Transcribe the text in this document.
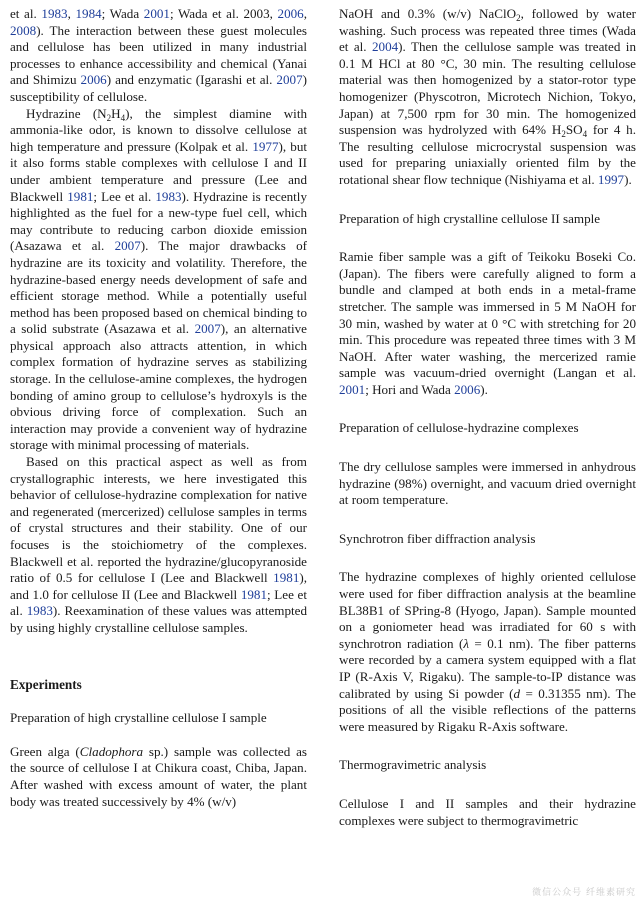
et al. 1983, 1984; Wada 2001; Wada et al. 2003, 2006, 2008). The interaction between these guest molecules and cellulose has been utilized in many industrial processes to enhance accessibility and chemical (Yanai and Shimizu 2006) and enzymatic (Igarashi et al. 2007) susceptibility of cellulose.

Hydrazine $(N_2H_4)$, the simplest diamine with ammonia-like odor, is known to dissolve cellulose at high temperature and pressure (Kolpak et al. 1977), but it also forms stable complexes with cellulose I and II under ambient temperature and pressure (Lee and Blackwell 1981; Lee et al. 1983). Hydrazine is recently highlighted as the fuel for a new-type fuel cell, which may contribute to reducing carbon dioxide emission (Asazawa et al. 2007). The major drawbacks of hydrazine are its toxicity and volatility. Therefore, the hydrazine-based energy needs development of safe and efficient storage method. While a potentially useful method has been proposed based on chemical binding to a solid substrate (Asazawa et al. 2007), an alternative physical approach also attracts attention, in which complex formation of hydrazine serves as stabilizing storage. In the cellulose-amine complexes, the hydrogen bonding of amino group to cellulose’s hydroxyls is the obvious driving force of complexation. Such an interaction may provide a convenient way of hydrazine storage with minimal processing of materials.

Based on this practical aspect as well as from crystallographic interests, we here investigated this behavior of cellulose-hydrazine complexation for native and regenerated (mercerized) cellulose samples in terms of crystal structures and their stability. One of our focuses is the stoichiometry of the complexes. Blackwell et al. reported the hydrazine/glucopyranoside ratio of 0.5 for cellulose I (Lee and Blackwell 1981), and 1.0 for cellulose II (Lee and Blackwell 1981; Lee et al. 1983). Reexamination of these values was attempted by using highly crystalline cellulose samples.

Experiments

Preparation of high crystalline cellulose I sample

Green alga (Cladophora sp.) sample was collected as the source of cellulose I at Chikura coast, Chiba, Japan. After washed with excess amount of water, the plant body was treated successively by 4% (w/v)

NaOH and 0.3% (w/v) NaClO$_2$, followed by water washing. Such process was repeated three times (Wada et al. 2004). Then the cellulose sample was treated in 0.1 M HCl at 80 °C, 30 min. The resulting cellulose material was then homogenized by a stator-rotor type homogenizer (Physcotron, Microtech Nichion, Tokyo, Japan) at 7,500 rpm for 30 min. The homogenized suspension was hydrolyzed with 64% $H_2SO_4$ for 4 h. The resulting cellulose microcrystal suspension was used for preparing uniaxially oriented film by the rotational shear flow technique (Nishiyama et al. 1997).

Preparation of high crystalline cellulose II sample

Ramie fiber sample was a gift of Teikoku Boseki Co. (Japan). The fibers were carefully aligned to form a bundle and clamped at both ends in a metal-frame stretcher. The sample was immersed in 5 M NaOH for 30 min, washed by water at 0 °C with stretching for 20 min. This procedure was repeated three times with 3 M NaOH. After water washing, the mercerized ramie sample was vacuum-dried overnight (Langan et al. 2001; Hori and Wada 2006).

Preparation of cellulose-hydrazine complexes

The dry cellulose samples were immersed in anhydrous hydrazine (98%) overnight, and vacuum dried overnight at room temperature.

Synchrotron fiber diffraction analysis

The hydrazine complexes of highly oriented cellulose were used for fiber diffraction analysis at the beamline BL38B1 of SPring-8 (Hyogo, Japan). Sample mounted on a goniometer head was irradiated for 60 s with synchrotron radiation (λ = 0.1 nm). The fiber patterns were recorded by a camera system equipped with a flat IP (R-Axis V, Rigaku). The sample-to-IP distance was calibrated by using Si powder (d = 0.31355 nm). The positions of all the visible reflections of the patterns were measured by Rigaku R-Axis software.

Thermogravimetric analysis

Cellulose I and II samples and their hydrazine complexes were subject to thermogravimetric

微信公众号 纤维素研究
